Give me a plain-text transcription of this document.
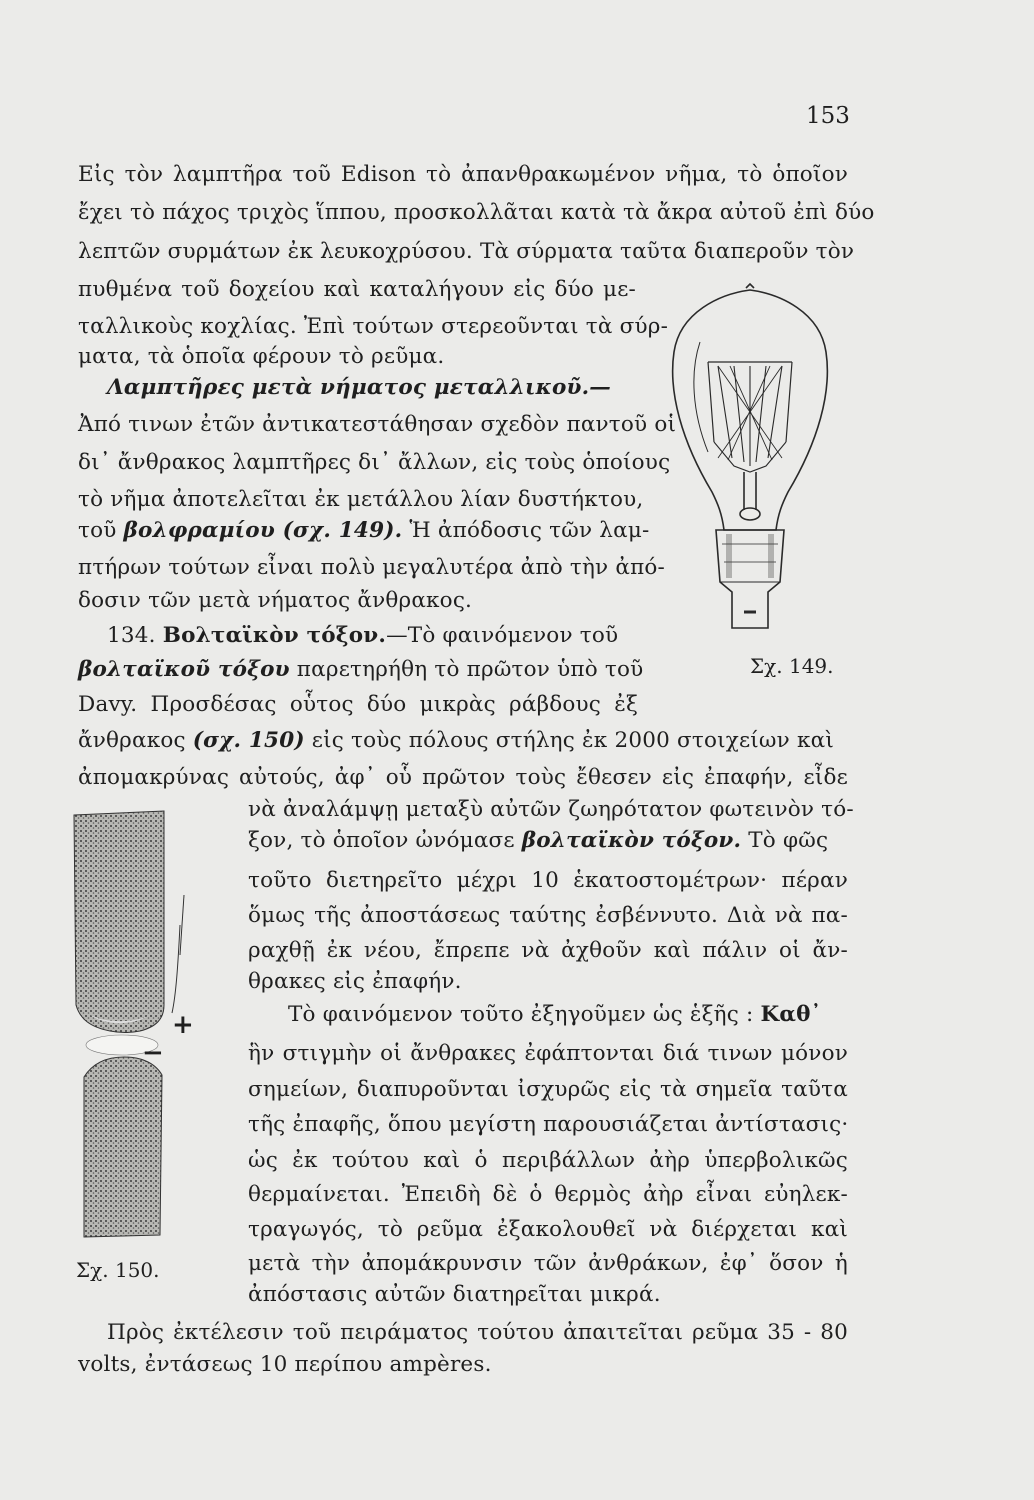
153
Εἰς τὸν λαμπτῆρα τοῦ Edison τὸ ἀπανθρακωμένον νῆμα, τὸ ὁποῖον
ἔχει τὸ πάχος τριχὸς ἵππου, προσκολλᾶται κατὰ τὰ ἄκρα αὐτοῦ ἐπὶ δύο
λεπτῶν συρμάτων ἐκ λευκοχρύσου. Τὰ σύρματα ταῦτα διαπεροῦν τὸν
πυθμένα τοῦ δοχείου καὶ καταλήγουν εἰς δύο με-
ταλλικοὺς κοχλίας. Ἐπὶ τούτων στερεοῦνται τὰ σύρ-
ματα, τὰ ὁποῖα φέρουν τὸ ρεῦμα.
Λαμπτῆρες μετὰ νήματος μεταλλικοῦ.—
Ἀπό τινων ἐτῶν ἀντικατεστάθησαν σχεδὸν παντοῦ οἱ
δι᾽ ἄνθρακος λαμπτῆρες δι᾽ ἄλλων, εἰς τοὺς ὁποίους
τὸ νῆμα ἀποτελεῖται ἐκ μετάλλου λίαν δυστήκτου,
τοῦ βολφραμίου (σχ. 149). Ἡ ἀπόδοσις τῶν λαμ-
πτήρων τούτων εἶναι πολὺ μεγαλυτέρα ἀπὸ τὴν ἀπό-
δοσιν τῶν μετὰ νήματος ἄνθρακος.
134. Βολταϊκὸν τόξον.—Τὸ φαινόμενον τοῦ
βολταϊκοῦ τόξου παρετηρήθη τὸ πρῶτον ὑπὸ τοῦ
Davy. Προσδέσας οὗτος δύο μικρὰς ράβδους ἐξ
ἄνθρακος (σχ. 150) εἰς τοὺς πόλους στήλης ἐκ 2000 στοιχείων καὶ
ἀπομακρύνας αὐτούς, ἀφ᾽ οὗ πρῶτον τοὺς ἔθεσεν εἰς ἐπαφήν, εἶδε
νὰ ἀναλάμψῃ μεταξὺ αὐτῶν ζωηρότατον φωτεινὸν τό-
ξον, τὸ ὁποῖον ὠνόμασε βολταϊκὸν τόξον. Τὸ φῶς
τοῦτο διετηρεῖτο μέχρι 10 ἑκατοστομέτρων· πέραν
ὅμως τῆς ἀποστάσεως ταύτης ἐσβέννυτο. Διὰ νὰ πα-
ραχθῇ ἐκ νέου, ἔπρεπε νὰ ἀχθοῦν καὶ πάλιν οἱ ἄν-
θρακες εἰς ἐπαφήν.
Τὸ φαινόμενον τοῦτο ἐξηγοῦμεν ὡς ἑξῆς : Καθ᾽
ἣν στιγμὴν οἱ ἄνθρακες ἐφάπτονται διά τινων μόνον
σημείων, διαπυροῦνται ἰσχυρῶς εἰς τὰ σημεῖα ταῦτα
τῆς ἐπαφῆς, ὅπου μεγίστη παρουσιάζεται ἀντίστασις·
ὡς ἐκ τούτου καὶ ὁ περιβάλλων ἀὴρ ὑπερβολικῶς
θερμαίνεται. Ἐπειδὴ δὲ ὁ θερμὸς ἀὴρ εἶναι εὐηλεκ-
τραγωγός, τὸ ρεῦμα ἐξακολουθεῖ νὰ διέρχεται καὶ
μετὰ τὴν ἀπομάκρυνσιν τῶν ἀνθράκων, ἐφ᾽ ὅσον ἡ
ἀπόστασις αὐτῶν διατηρεῖται μικρά.
Πρὸς ἐκτέλεσιν τοῦ πειράματος τούτου ἀπαιτεῖται ρεῦμα 35 - 80
volts, ἐντάσεως 10 περίπου ampères.
Σχ. 149.
+
−
Σχ. 150.
